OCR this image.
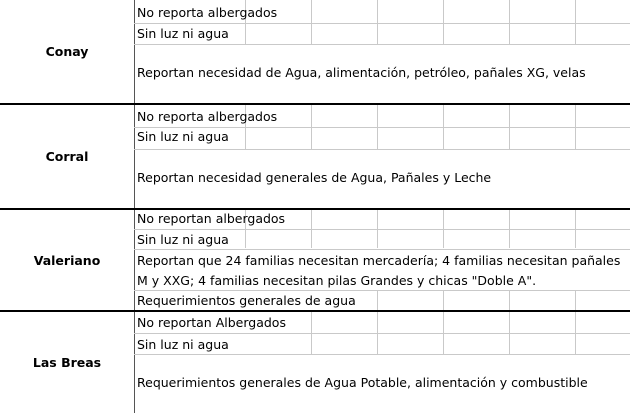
Conay
No reporta albergados
Sin luz ni agua
Reportan necesidad de Agua, alimentación, petróleo, pañales XG, velas
Corral
No reporta albergados
Sin luz ni agua
Reportan necesidad generales de Agua, Pañales y Leche
Valeriano
No reportan albergados
Sin luz ni agua
Reportan que 24 familias necesitan mercadería; 4 familias necesitan pañales
M y XXG; 4 familias necesitan pilas Grandes y chicas "Doble A".
Requerimientos generales de agua
Las Breas
No reportan Albergados
Sin luz ni agua
Requerimientos generales de Agua Potable, alimentación y combustible
